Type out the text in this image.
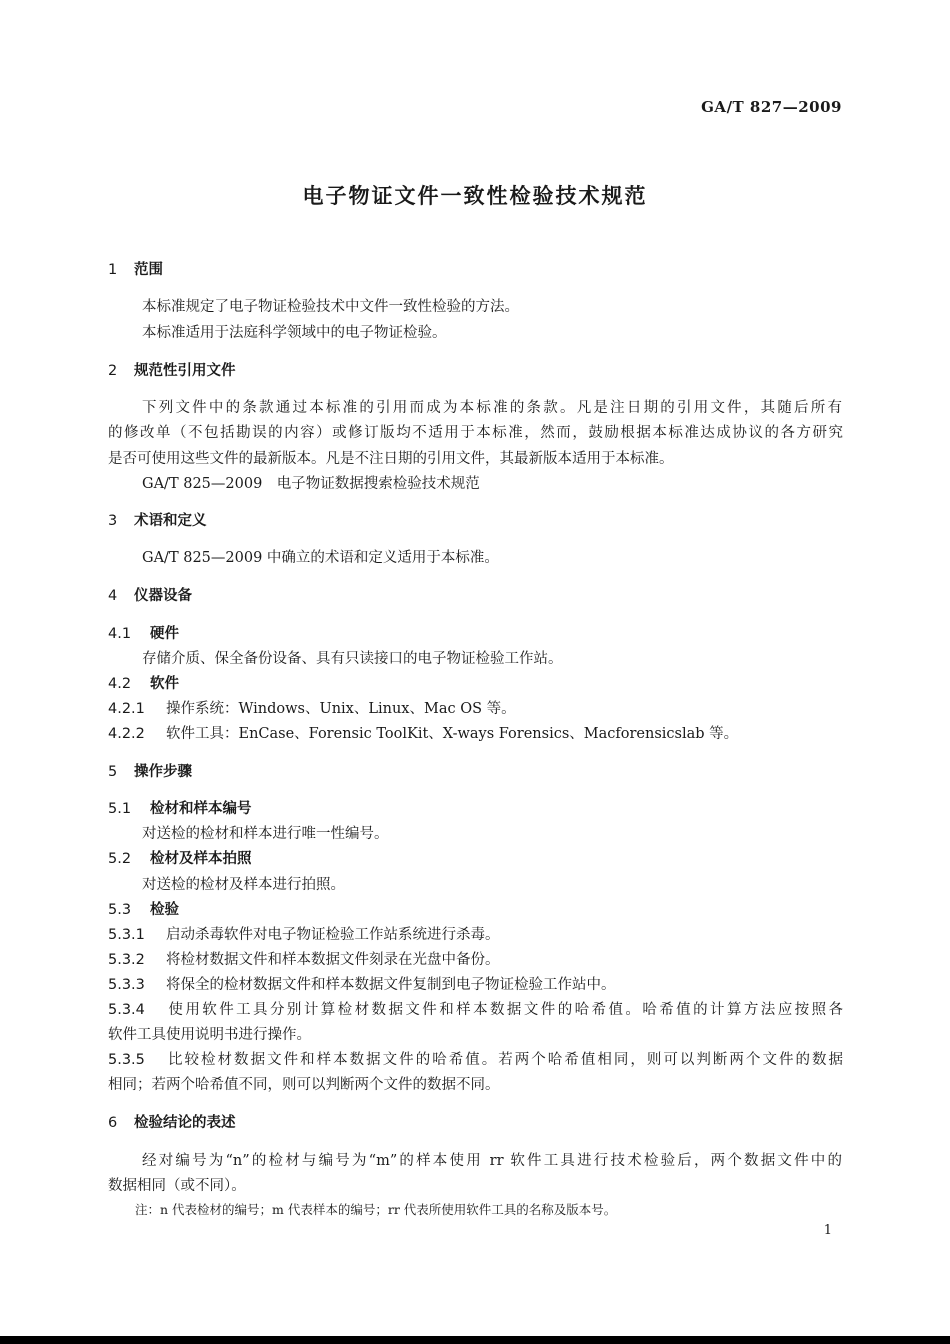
GA/T 827—2009
电子物证文件一致性检验技术规范
1 范围
本标准规定了电子物证检验技术中文件一致性检验的方法。
本标准适用于法庭科学领域中的电子物证检验。
2 规范性引用文件
下列文件中的条款通过本标准的引用而成为本标准的条款。凡是注日期的引用文件，其随后所有
的修改单（不包括勘误的内容）或修订版均不适用于本标准，然而，鼓励根据本标准达成协议的各方研究
是否可使用这些文件的最新版本。凡是不注日期的引用文件，其最新版本适用于本标准。
GA/T 825—2009　电子物证数据搜索检验技术规范
3 术语和定义
GA/T 825—2009 中确立的术语和定义适用于本标准。
4 仪器设备
4.1 硬件
存储介质、保全备份设备、具有只读接口的电子物证检验工作站。
4.2 软件
4.2.1 操作系统：Windows、Unix、Linux、Mac OS 等。
4.2.2 软件工具：EnCase、Forensic ToolKit、X-ways Forensics、Macforensicslab 等。
5 操作步骤
5.1 检材和样本编号
对送检的检材和样本进行唯一性编号。
5.2 检材及样本拍照
对送检的检材及样本进行拍照。
5.3 检验
5.3.1 启动杀毒软件对电子物证检验工作站系统进行杀毒。
5.3.2 将检材数据文件和样本数据文件刻录在光盘中备份。
5.3.3 将保全的检材数据文件和样本数据文件复制到电子物证检验工作站中。
5.3.4 使用软件工具分别计算检材数据文件和样本数据文件的哈希值。哈希值的计算方法应按照各
软件工具使用说明书进行操作。
5.3.5 比较检材数据文件和样本数据文件的哈希值。若两个哈希值相同，则可以判断两个文件的数据
相同；若两个哈希值不同，则可以判断两个文件的数据不同。
6 检验结论的表述
经对编号为“n”的检材与编号为“m”的样本使用 rr 软件工具进行技术检验后，两个数据文件中的
数据相同（或不同）。
注：n 代表检材的编号；m 代表样本的编号；rr 代表所使用软件工具的名称及版本号。
1
